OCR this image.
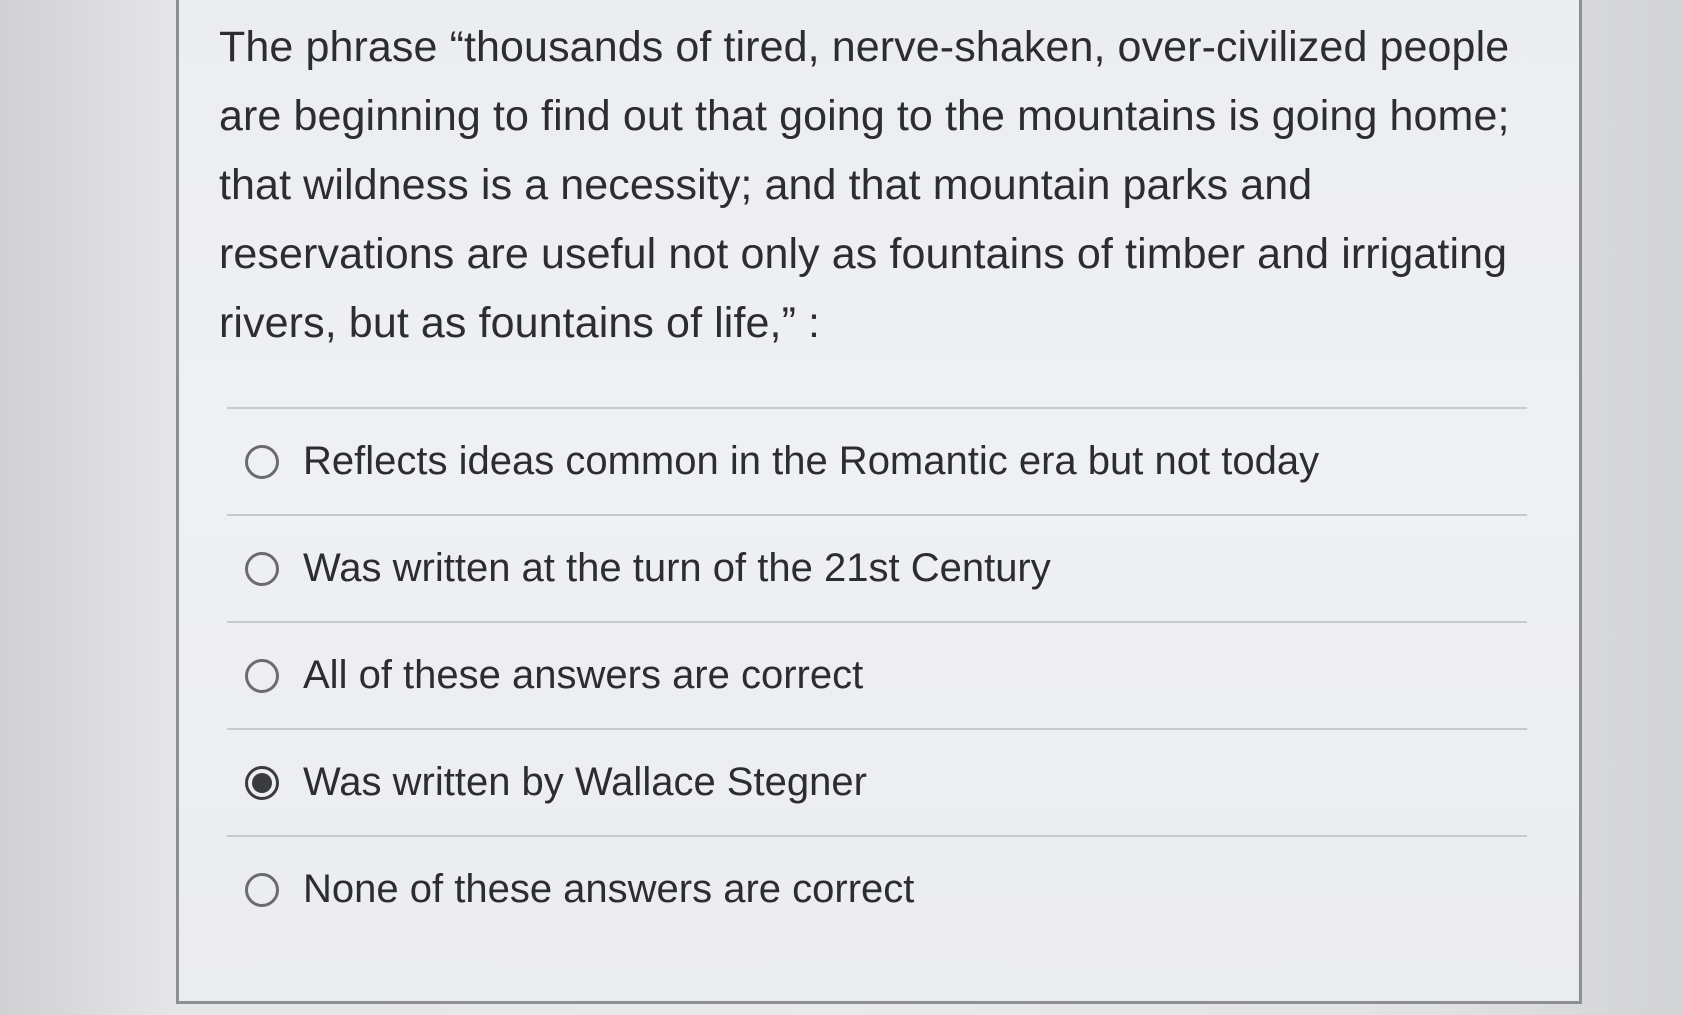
The phrase “thousands of tired, nerve-shaken, over-civilized people are beginning to find out that going to the mountains is going home; that wildness is a necessity; and that mountain parks and reservations are useful not only as fountains of timber and irrigating rivers, but as fountains of life,” :

Reflects ideas common in the Romantic era but not today
Was written at the turn of the 21st Century
All of these answers are correct
Was written by Wallace Stegner
None of these answers are correct
